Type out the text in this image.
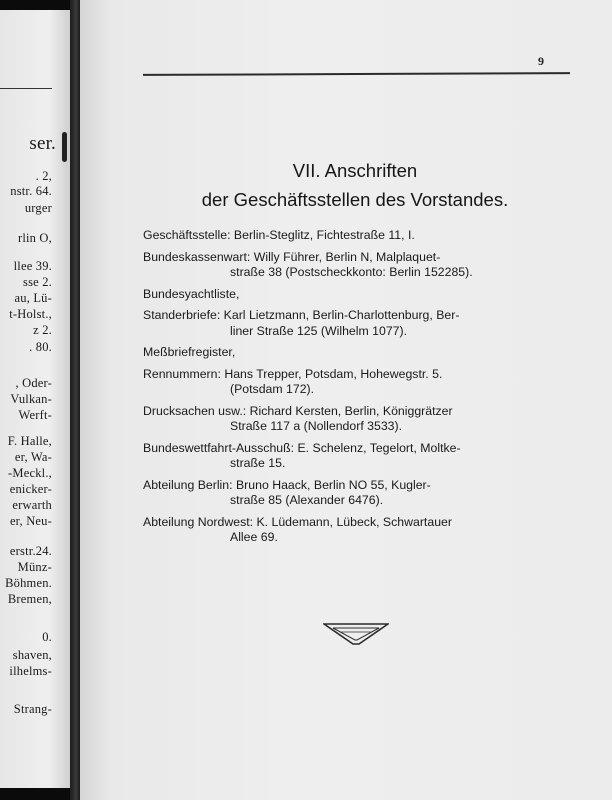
ser.
. 2,
nstr. 64.
urger
rlin O,
llee 39.
sse 2.
au, Lü-
t-Holst.,
z 2.
. 80.
, Oder-
Vulkan-
Werft-
F. Halle,
er, Wa-
-Meckl.,
enicker-
erwarth
er, Neu-
erstr.24.
Münz-
Böhmen.
Bremen,
0.
shaven,
ilhelms-
Strang-
9
VII. Anschriften
der Geschäftsstellen des Vorstandes.
Geschäftsstelle: Berlin-Steglitz, Fichtestraße 11, I.
Bundeskassenwart: Willy Führer, Berlin N, Malplaquet-
straße 38 (Postscheckkonto: Berlin 152285).
Bundesyachtliste,
Standerbriefe: Karl Lietzmann, Berlin-Charlottenburg, Ber-
liner Straße 125 (Wilhelm 1077).
Meßbriefregister,
Rennummern: Hans Trepper, Potsdam, Hohewegstr. 5.
(Potsdam 172).
Drucksachen usw.: Richard Kersten, Berlin, Königgrätzer
Straße 117 a (Nollendorf 3533).
Bundeswettfahrt-Ausschuß: E. Schelenz, Tegelort, Moltke-
straße 15.
Abteilung Berlin: Bruno Haack, Berlin NO 55, Kugler-
straße 85 (Alexander 6476).
Abteilung Nordwest: K. Lüdemann, Lübeck, Schwartauer
Allee 69.
